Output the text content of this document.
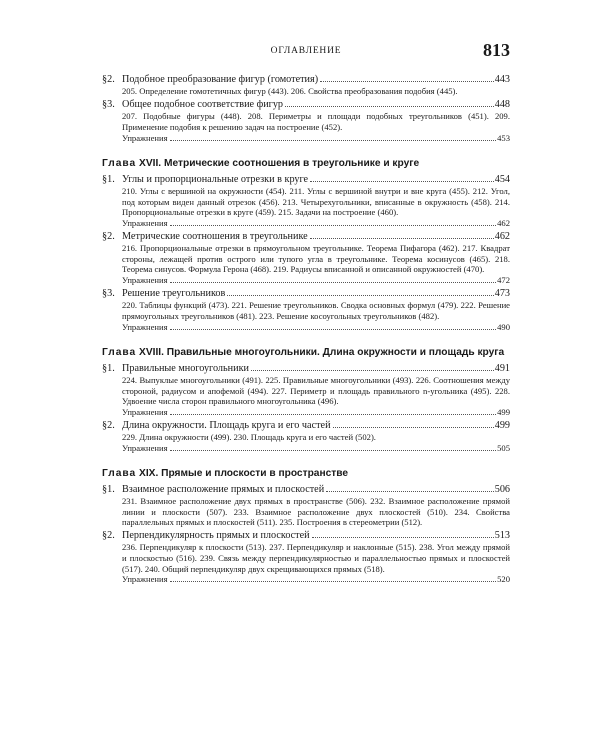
ОГЛАВЛЕНИЕ	813
§2. Подобное преобразование фигур (гомотетия)	443
205. Определение гомотетичных фигур (443). 206. Свойства преобразования подобия (445).
§3. Общее подобное соответствие фигур	448
207. Подобные фигуры (448). 208. Периметры и площади подобных треугольников (451). 209. Применение подобия к решению задач на построение (452).
Упражнения	453
Глава XVII. Метрические соотношения в треугольнике и круге
§1. Углы и пропорциональные отрезки в круге	454
210. Углы с вершиной на окружности (454). 211. Углы с вершиной внутри и вне круга (455). 212. Угол, под которым виден данный отрезок (456). 213. Четырехугольники, вписанные в окружность (458). 214. Пропорциональные отрезки в круге (459). 215. Задачи на построение (460).
Упражнения	462
§2. Метрические соотношения в треугольнике	462
216. Пропорциональные отрезки в прямоугольном треугольнике. Теорема Пифагора (462). 217. Квадрат стороны, лежащей против острого или тупого угла в треугольнике. Теорема косинусов (465). 218. Теорема синусов. Формула Герона (468). 219. Радиусы вписанной и описанной окружностей (470).
Упражнения	472
§3. Решение треугольников	473
220. Таблицы функций (473). 221. Решение треугольников. Сводка основных формул (479). 222. Решение прямоугольных треугольников (481). 223. Решение косоугольных треугольников (482).
Упражнения	490
Глава XVIII. Правильные многоугольники. Длина окружности и площадь круга
§1. Правильные многоугольники	491
224. Выпуклые многоугольники (491). 225. Правильные многоугольники (493). 226. Соотношения между стороной, радиусом и апофемой (494). 227. Периметр и площадь правильного n-угольника (495). 228. Удвоение числа сторон правильного многоугольника (496).
Упражнения	499
§2. Длина окружности. Площадь круга и его частей	499
229. Длина окружности (499). 230. Площадь круга и его частей (502).
Упражнения	505
Глава XIX. Прямые и плоскости в пространстве
§1. Взаимное расположение прямых и плоскостей	506
231. Взаимное расположение двух прямых в пространстве (506). 232. Взаимное расположение прямой линии и плоскости (507). 233. Взаимное расположение двух плоскостей (510). 234. Свойства параллельных прямых и плоскостей (511). 235. Построения в стереометрии (512).
§2. Перпендикулярность прямых и плоскостей	513
236. Перпендикуляр к плоскости (513). 237. Перпендикуляр и наклонные (515). 238. Угол между прямой и плоскостью (516). 239. Связь между перпендикулярностью и параллельностью прямых и плоскостей (517). 240. Общий перпендикуляр двух скрещивающихся прямых (518).
Упражнения	520
